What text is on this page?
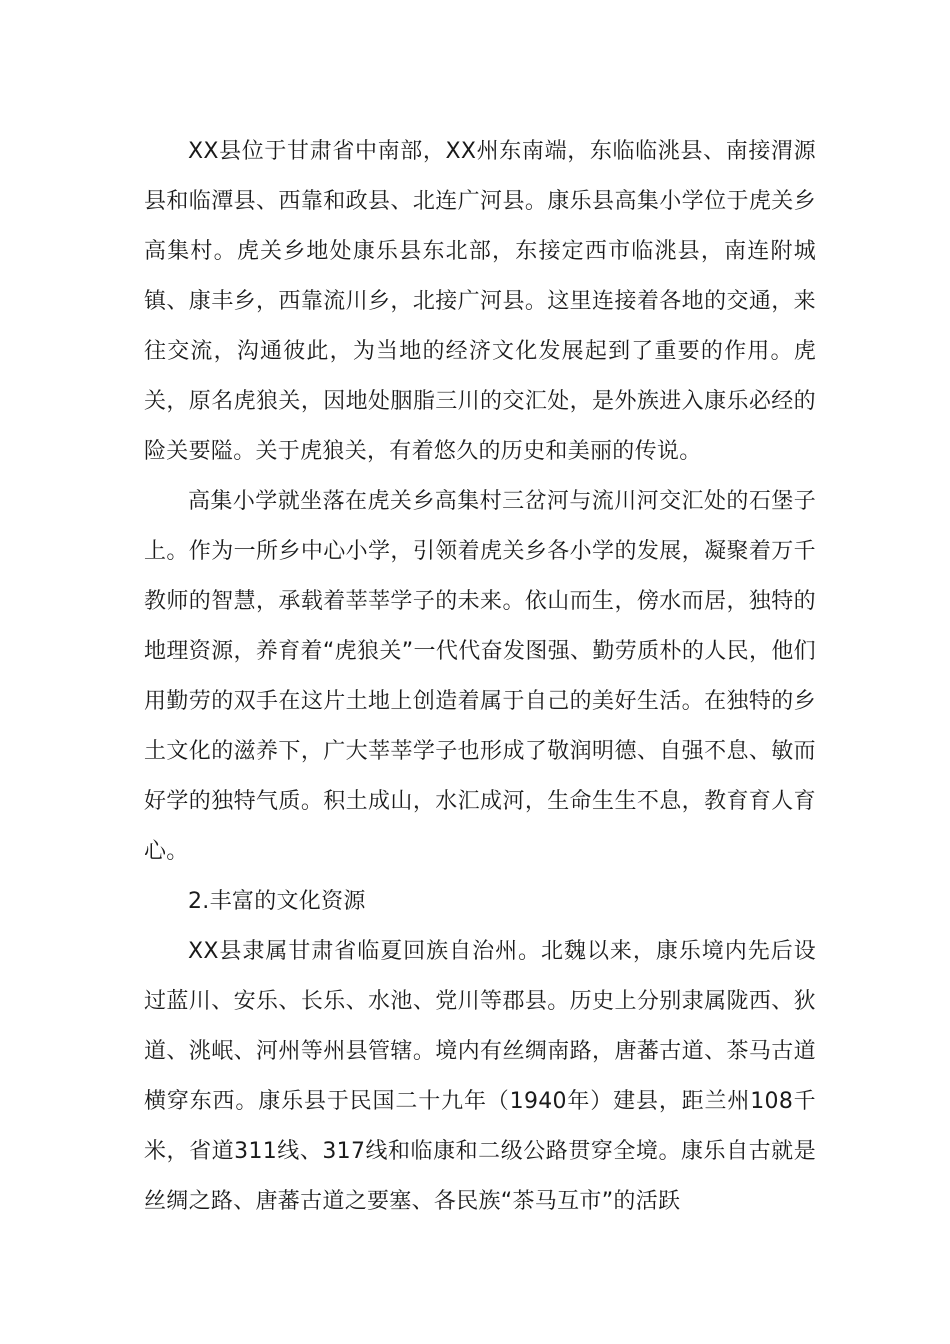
XX县位于甘肃省中南部，XX州东南端，东临临洮县、南接渭源县和临潭县、西靠和政县、北连广河县。康乐县高集小学位于虎关乡高集村。虎关乡地处康乐县东北部，东接定西市临洮县，南连附城镇、康丰乡，西靠流川乡，北接广河县。这里连接着各地的交通，来往交流，沟通彼此，为当地的经济文化发展起到了重要的作用。虎关，原名虎狼关，因地处胭脂三川的交汇处，是外族进入康乐必经的险关要隘。关于虎狼关，有着悠久的历史和美丽的传说。

高集小学就坐落在虎关乡高集村三岔河与流川河交汇处的石堡子上。作为一所乡中心小学，引领着虎关乡各小学的发展，凝聚着万千教师的智慧，承载着莘莘学子的未来。依山而生，傍水而居，独特的地理资源，养育着“虎狼关”一代代奋发图强、勤劳质朴的人民，他们用勤劳的双手在这片土地上创造着属于自己的美好生活。在独特的乡土文化的滋养下，广大莘莘学子也形成了敬润明德、自强不息、敏而好学的独特气质。积土成山，水汇成河，生命生生不息，教育育人育心。

2.丰富的文化资源

XX县隶属甘肃省临夏回族自治州。北魏以来，康乐境内先后设过蓝川、安乐、长乐、水池、党川等郡县。历史上分别隶属陇西、狄道、洮岷、河州等州县管辖。境内有丝绸南路，唐蕃古道、茶马古道横穿东西。康乐县于民国二十九年（1940年）建县，距兰州108千米，省道311线、317线和临康和二级公路贯穿全境。康乐自古就是丝绸之路、唐蕃古道之要塞、各民族“茶马互市”的活跃
